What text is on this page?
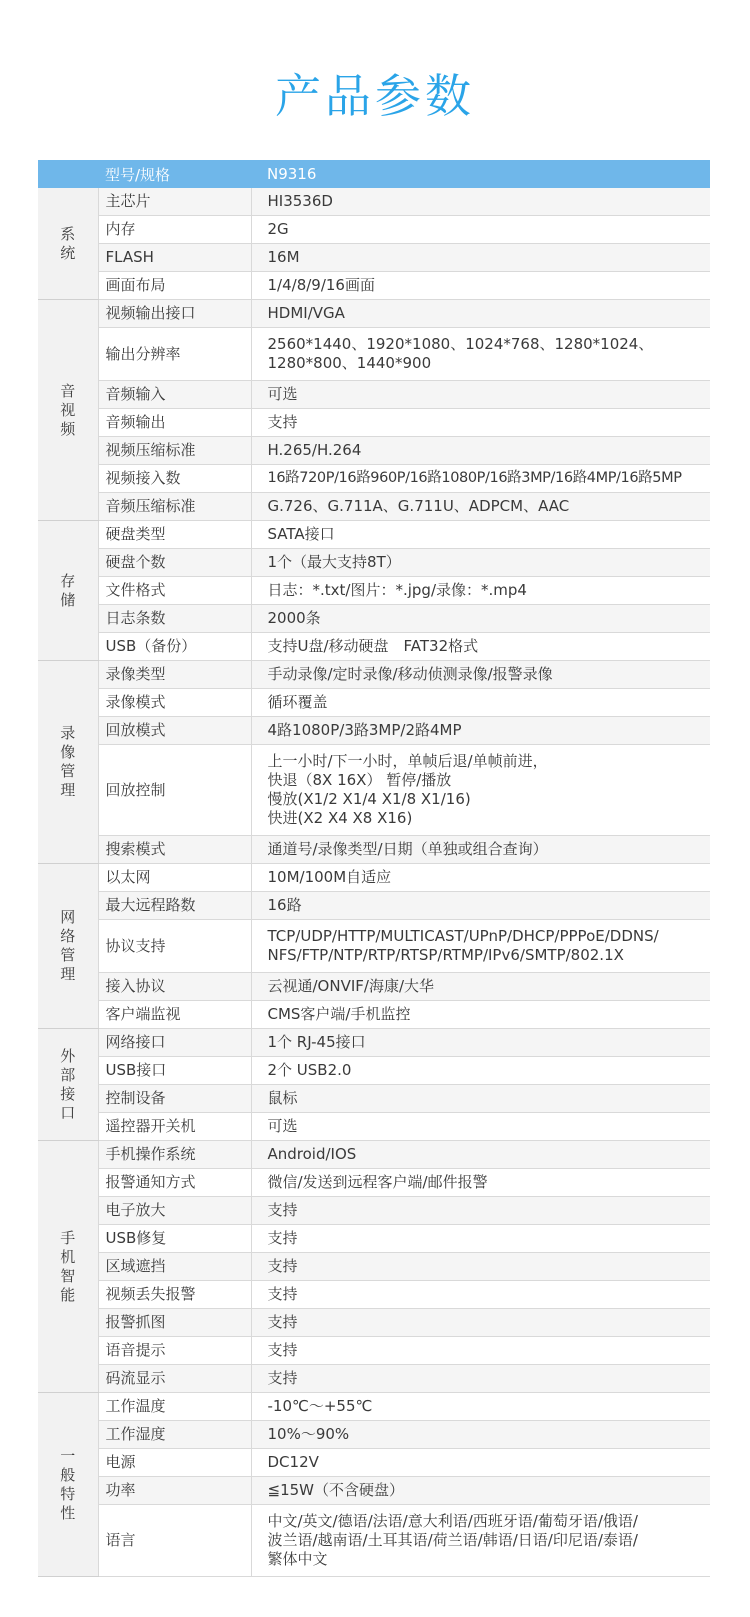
产品参数
	型号/规格	N9316
系统	主芯片	HI3536D
	内存	2G
	FLASH	16M
	画面布局	1/4/8/9/16画面
音视频	视频输出接口	HDMI/VGA
	输出分辨率	2560*1440、1920*1080、1024*768、1280*1024、
1280*800、1440*900
	音频输入	可选
	音频输出	支持
	视频压缩标准	H.265/H.264
	视频接入数	16路720P/16路960P/16路1080P/16路3MP/16路4MP/16路5MP
	音频压缩标准	G.726、G.711A、G.711U、ADPCM、AAC
存储	硬盘类型	SATA接口
	硬盘个数	1个（最大支持8T）
	文件格式	日志：*.txt/图片：*.jpg/录像：*.mp4
	日志条数	2000条
	USB（备份）	支持U盘/移动硬盘　FAT32格式
录像管理	录像类型	手动录像/定时录像/移动侦测录像/报警录像
	录像模式	循环覆盖
	回放模式	4路1080P/3路3MP/2路4MP
	回放控制	上一小时/下一小时，单帧后退/单帧前进，
快退（8X 16X） 暂停/播放
慢放(X1/2 X1/4 X1/8 X1/16)
快进(X2 X4 X8 X16)
	搜索模式	通道号/录像类型/日期（单独或组合查询）
网络管理	以太网	10M/100M自适应
	最大远程路数	16路
	协议支持	TCP/UDP/HTTP/MULTICAST/UPnP/DHCP/PPPoE/DDNS/
NFS/FTP/NTP/RTP/RTSP/RTMP/IPv6/SMTP/802.1X
	接入协议	云视通/ONVIF/海康/大华
	客户端监视	CMS客户端/手机监控
外部接口	网络接口	1个 RJ-45接口
	USB接口	2个 USB2.0
	控制设备	鼠标
	遥控器开关机	可选
手机智能	手机操作系统	Android/IOS
	报警通知方式	微信/发送到远程客户端/邮件报警
	电子放大	支持
	USB修复	支持
	区域遮挡	支持
	视频丢失报警	支持
	报警抓图	支持
	语音提示	支持
	码流显示	支持
一般特性	工作温度	-10℃～+55℃
	工作湿度	10%～90%
	电源	DC12V
	功率	≦15W（不含硬盘）
	语言	中文/英文/德语/法语/意大利语/西班牙语/葡萄牙语/俄语/
波兰语/越南语/土耳其语/荷兰语/韩语/日语/印尼语/泰语/
繁体中文
